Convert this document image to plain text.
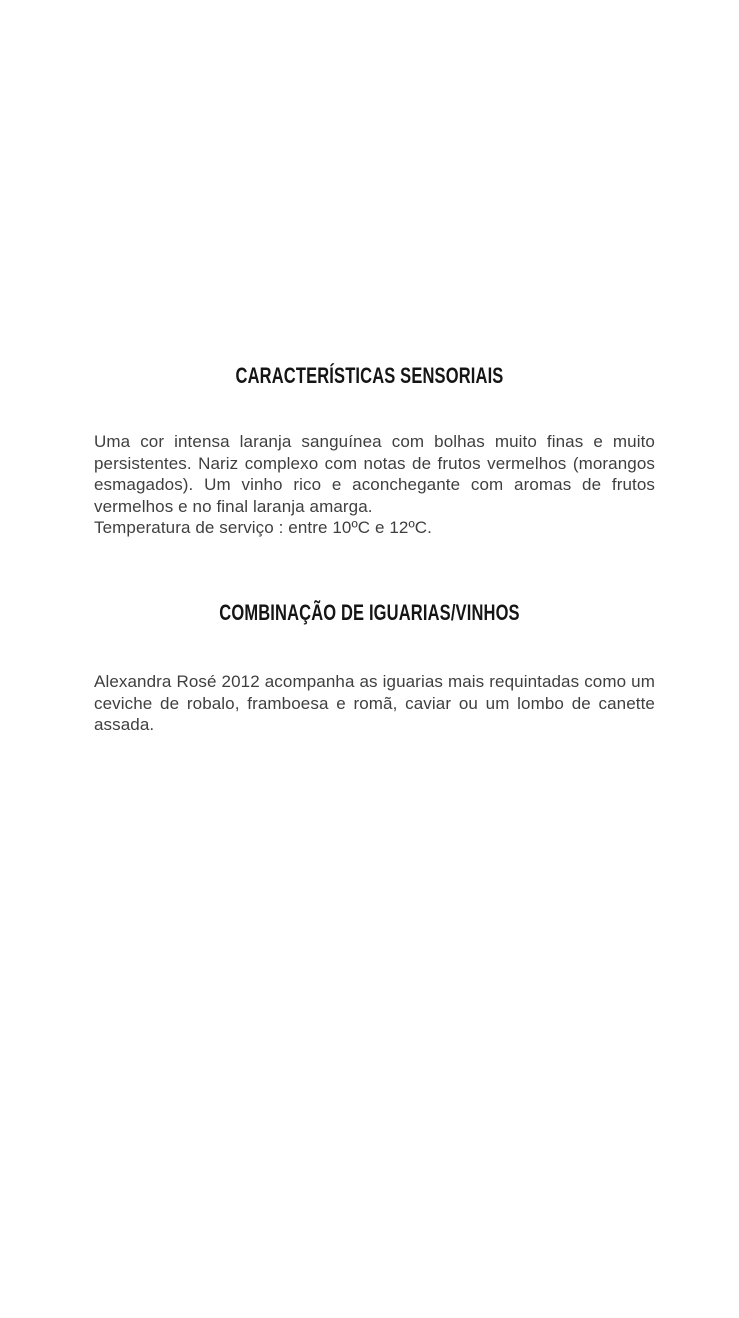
CARACTERÍSTICAS SENSORIAIS

Uma cor intensa laranja sanguínea com bolhas muito finas e muito persistentes. Nariz complexo com notas de frutos vermelhos (morangos esmagados). Um vinho rico e aconchegante com aromas de frutos vermelhos e no final laranja amarga.

Temperatura de serviço : entre 10ºC e 12ºC.

COMBINAÇÃO DE IGUARIAS/VINHOS

Alexandra Rosé 2012 acompanha as iguarias mais requintadas como um ceviche de robalo, framboesa e romã, caviar ou um lombo de canette assada.
